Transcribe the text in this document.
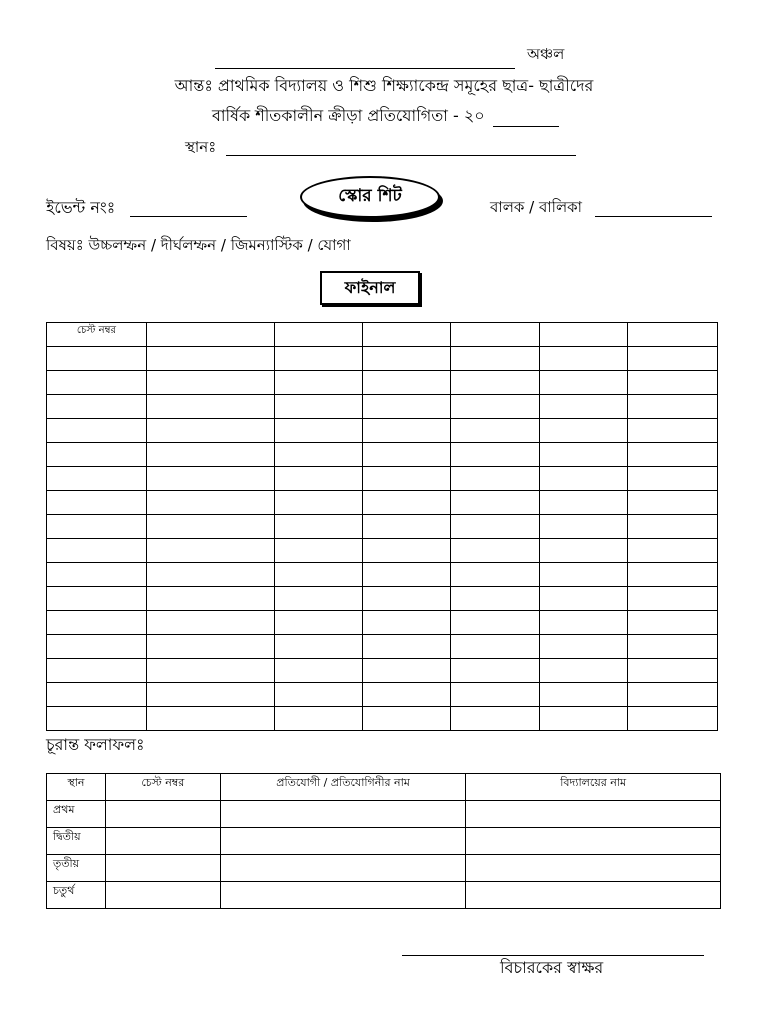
অঞ্চল
আন্তঃ প্রাথমিক বিদ্যালয় ও শিশু শিক্ষ্যাকেন্দ্র সমূহের ছাত্র- ছাত্রীদের
বার্ষিক শীতকালীন ক্রীড়া প্রতিযোগিতা - ২০
স্থানঃ
ইভেন্ট নংঃ
স্কোর শিট
বালক / বালিকা
বিষয়ঃ উচ্চলম্ফন / দীর্ঘলম্ফন / জিমন্যাস্টিক / যোগা
ফাইনাল
চেস্ট নম্বর						

চূরান্ত ফলাফলঃ
স্থান	চেস্ট নম্বর	প্রতিযোগী / প্রতিযোগিনীর নাম	বিদ্যালয়ের নাম
প্রথম			
দ্বিতীয়			
তৃতীয়			
চতুর্থ			
বিচারকের স্বাক্ষর
